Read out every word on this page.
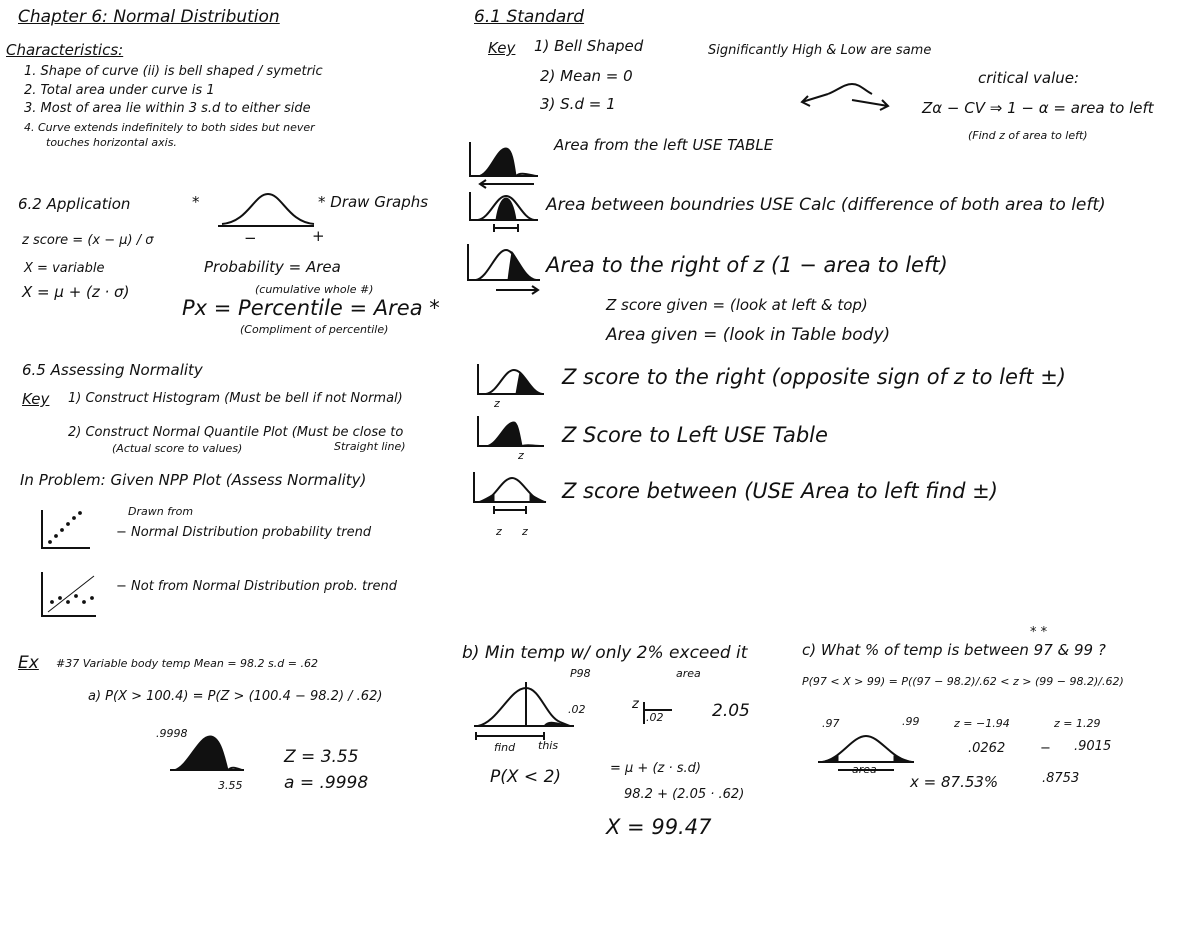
Chapter 6: Normal Distribution
Characteristics:
1. Shape of curve (ii) is bell shaped / symetric
2. Total area under curve is 1
3. Most of area lie within 3 s.d to either side
4. Curve extends indefinitely to both sides but never
touches horizontal axis.
6.2 Application	*
−	+
* Draw Graphs
z score = (x − μ) / σ
X = variable
X = μ + (z · σ)
Probability = Area
(cumulative whole #)
Px = Percentile = Area *
(Compliment of percentile)
6.5 Assessing Normality
Key 1) Construct Histogram (Must be bell if not Normal)
2) Construct Normal Quantile Plot (Must be close to
(Actual score to values)	Straight line)
In Problem: Given NPP Plot (Assess Normality)
Drawn from
− Normal Distribution probability trend
− Not from Normal Distribution prob. trend
6.1 Standard
Key 1) Bell Shaped
2) Mean = 0
3) S.d = 1
Significantly High & Low are same
critical value:
Zα − CV ⇒ 1 − α = area to left
(Find z of area to left)
Area from the left USE TABLE
Area between boundries USE Calc (difference of both area to left)
Area to the right of z (1 − area to left)
Z score given = (look at left & top)
Area given = (look in Table body)
z
Z score to the right (opposite sign of z to left ±)
z
Z Score to Left USE Table
z z
Z score between (USE Area to left find ±)
Ex #37 Variable body temp Mean = 98.2 s.d = .62
a) P(X > 100.4) = P(Z > (100.4 − 98.2) / .62)
.9998
3.55
Z = 3.55
a = .9998
b) Min temp w/ only 2% exceed it
area
P98
.02
find this
z
.02	2.05
P(X < 2)	= μ + (z · s.d)
98.2 + (2.05 · .62)
X = 99.47
* *
c) What % of temp is between 97 & 99 ?
P(97 < X > 99) = P((97 − 98.2)/.62 < z > (99 − 98.2)/.62)
.97	.99
area
z = −1.94	z = 1.29
.0262	− .9015
x = 87.53%	.8753
